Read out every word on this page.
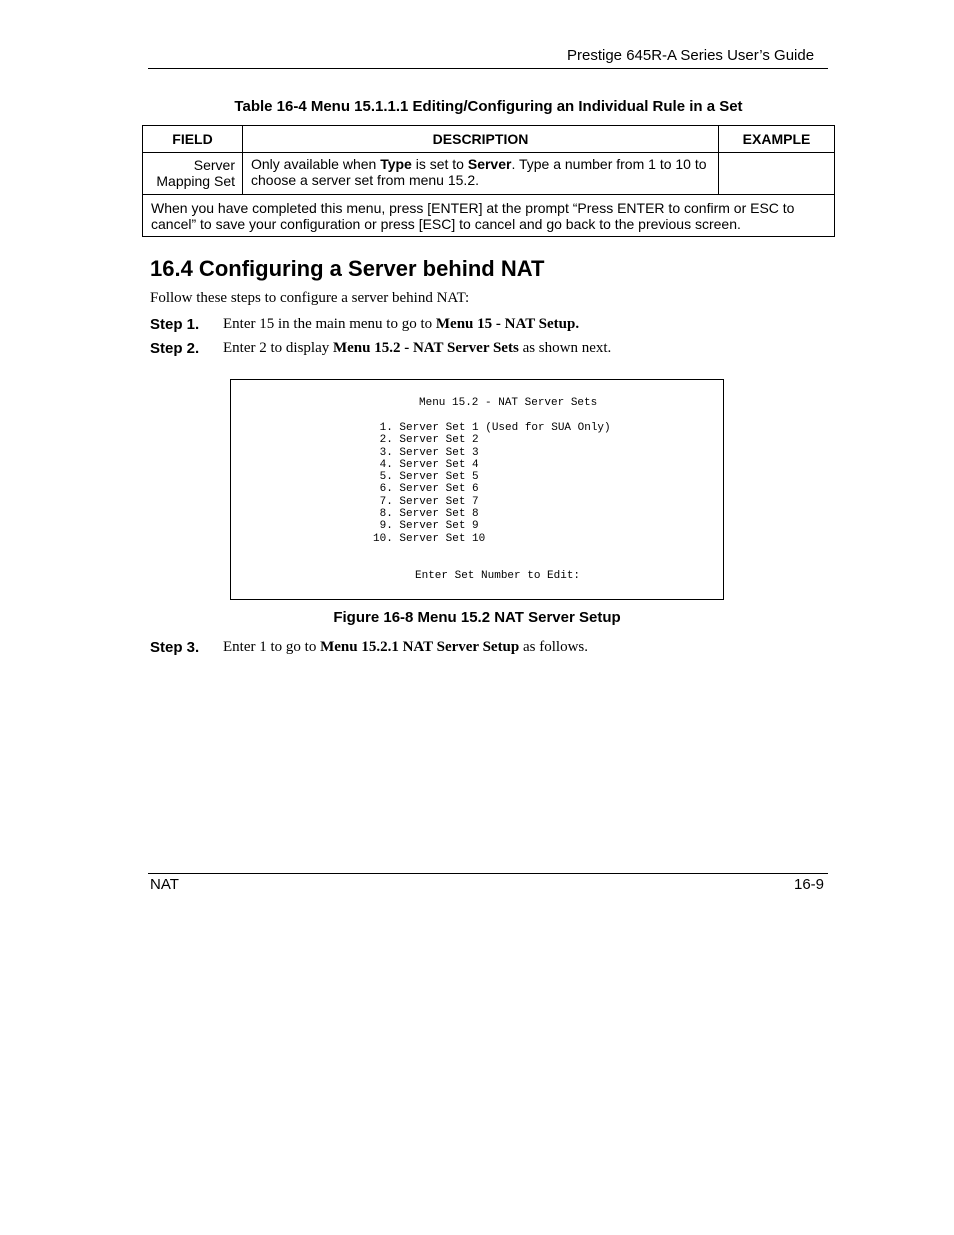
Prestige 645R-A Series User’s Guide
Table 16-4 Menu 15.1.1.1 Editing/Configuring an Individual Rule in a Set
FIELD	DESCRIPTION	EXAMPLE
Server
Mapping Set	Only available when Type is set to Server. Type a number from 1 to 10 to choose a server set from menu 15.2.	
When you have completed this menu, press [ENTER] at the prompt “Press ENTER to confirm or ESC to cancel” to save your configuration or press [ESC] to cancel and go back to the previous screen.		
16.4 Configuring a Server behind NAT
Follow these steps to configure a server behind NAT:
Step 1. Enter 15 in the main menu to go to Menu 15 - NAT Setup.
Step 2. Enter 2 to display Menu 15.2 - NAT Server Sets as shown next.
Menu 15.2 - NAT Server Sets
1. Server Set 1 (Used for SUA Only)
2. Server Set 2
3. Server Set 3
4. Server Set 4
5. Server Set 5
6. Server Set 6
7. Server Set 7
8. Server Set 8
9. Server Set 9
10. Server Set 10
Enter Set Number to Edit:
Figure 16-8 Menu 15.2 NAT Server Setup
Step 3. Enter 1 to go to Menu 15.2.1 NAT Server Setup as follows.
NAT	16-9
